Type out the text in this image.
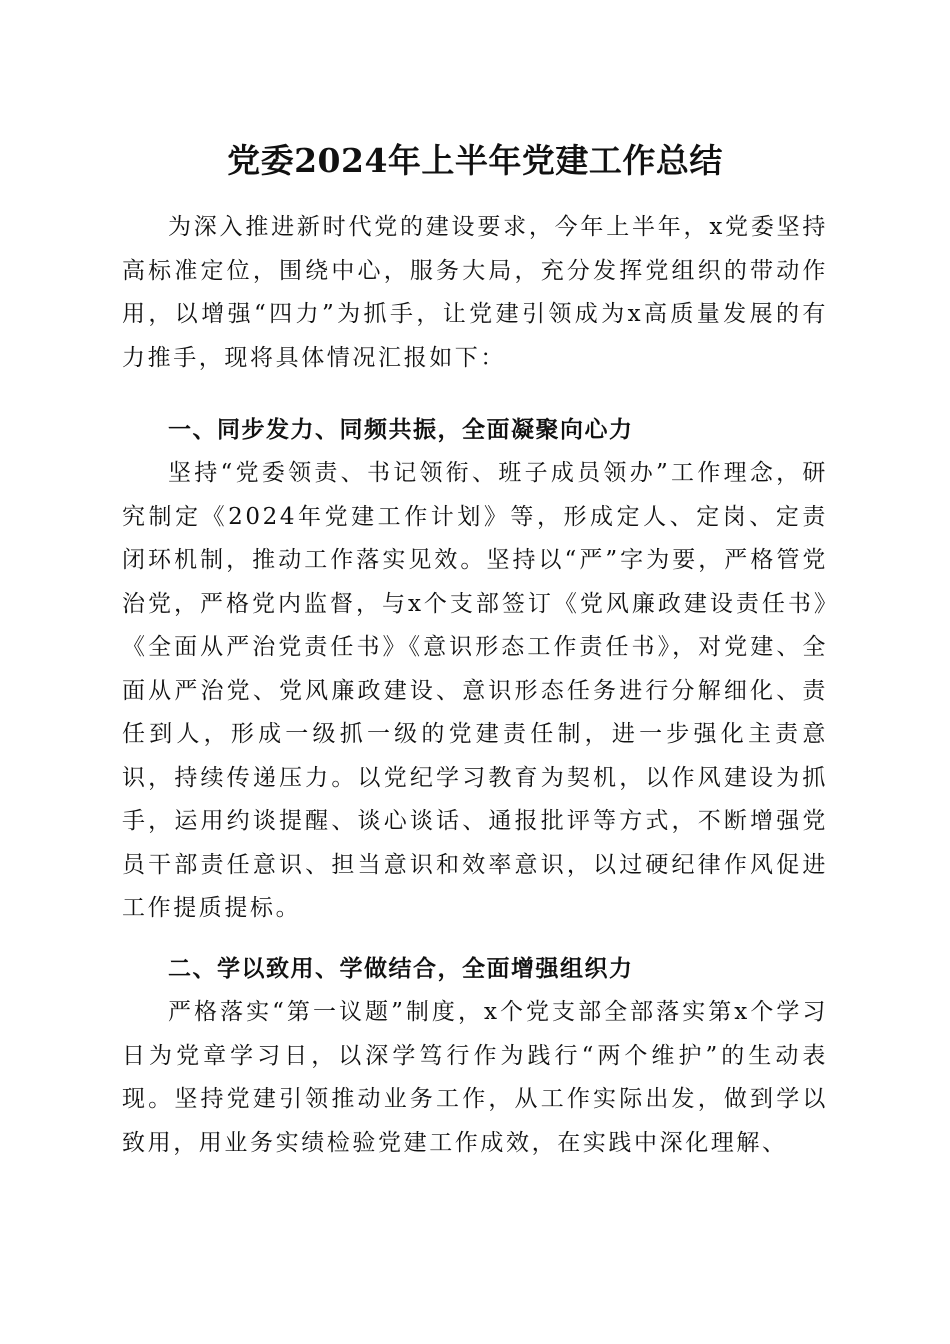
党委2024年上半年党建工作总结

为深入推进新时代党的建设要求，今年上半年，x党委坚持高标准定位，围绕中心，服务大局，充分发挥党组织的带动作用，以增强“四力”为抓手，让党建引领成为x高质量发展的有力推手，现将具体情况汇报如下：

一、同步发力、同频共振，全面凝聚向心力

坚持“党委领责、书记领衔、班子成员领办”工作理念，研究制定《2024年党建工作计划》等，形成定人、定岗、定责闭环机制，推动工作落实见效。坚持以“严”字为要，严格管党治党，严格党内监督，与x个支部签订《党风廉政建设责任书》《全面从严治党责任书》《意识形态工作责任书》，对党建、全面从严治党、党风廉政建设、意识形态任务进行分解细化、责任到人，形成一级抓一级的党建责任制，进一步强化主责意识，持续传递压力。以党纪学习教育为契机，以作风建设为抓手，运用约谈提醒、谈心谈话、通报批评等方式，不断增强党员干部责任意识、担当意识和效率意识，以过硬纪律作风促进工作提质提标。

二、学以致用、学做结合，全面增强组织力

严格落实“第一议题”制度，x个党支部全部落实第x个学习日为党章学习日，以深学笃行作为践行“两个维护”的生动表现。坚持党建引领推动业务工作，从工作实际出发，做到学以致用，用业务实绩检验党建工作成效，在实践中深化理解、
